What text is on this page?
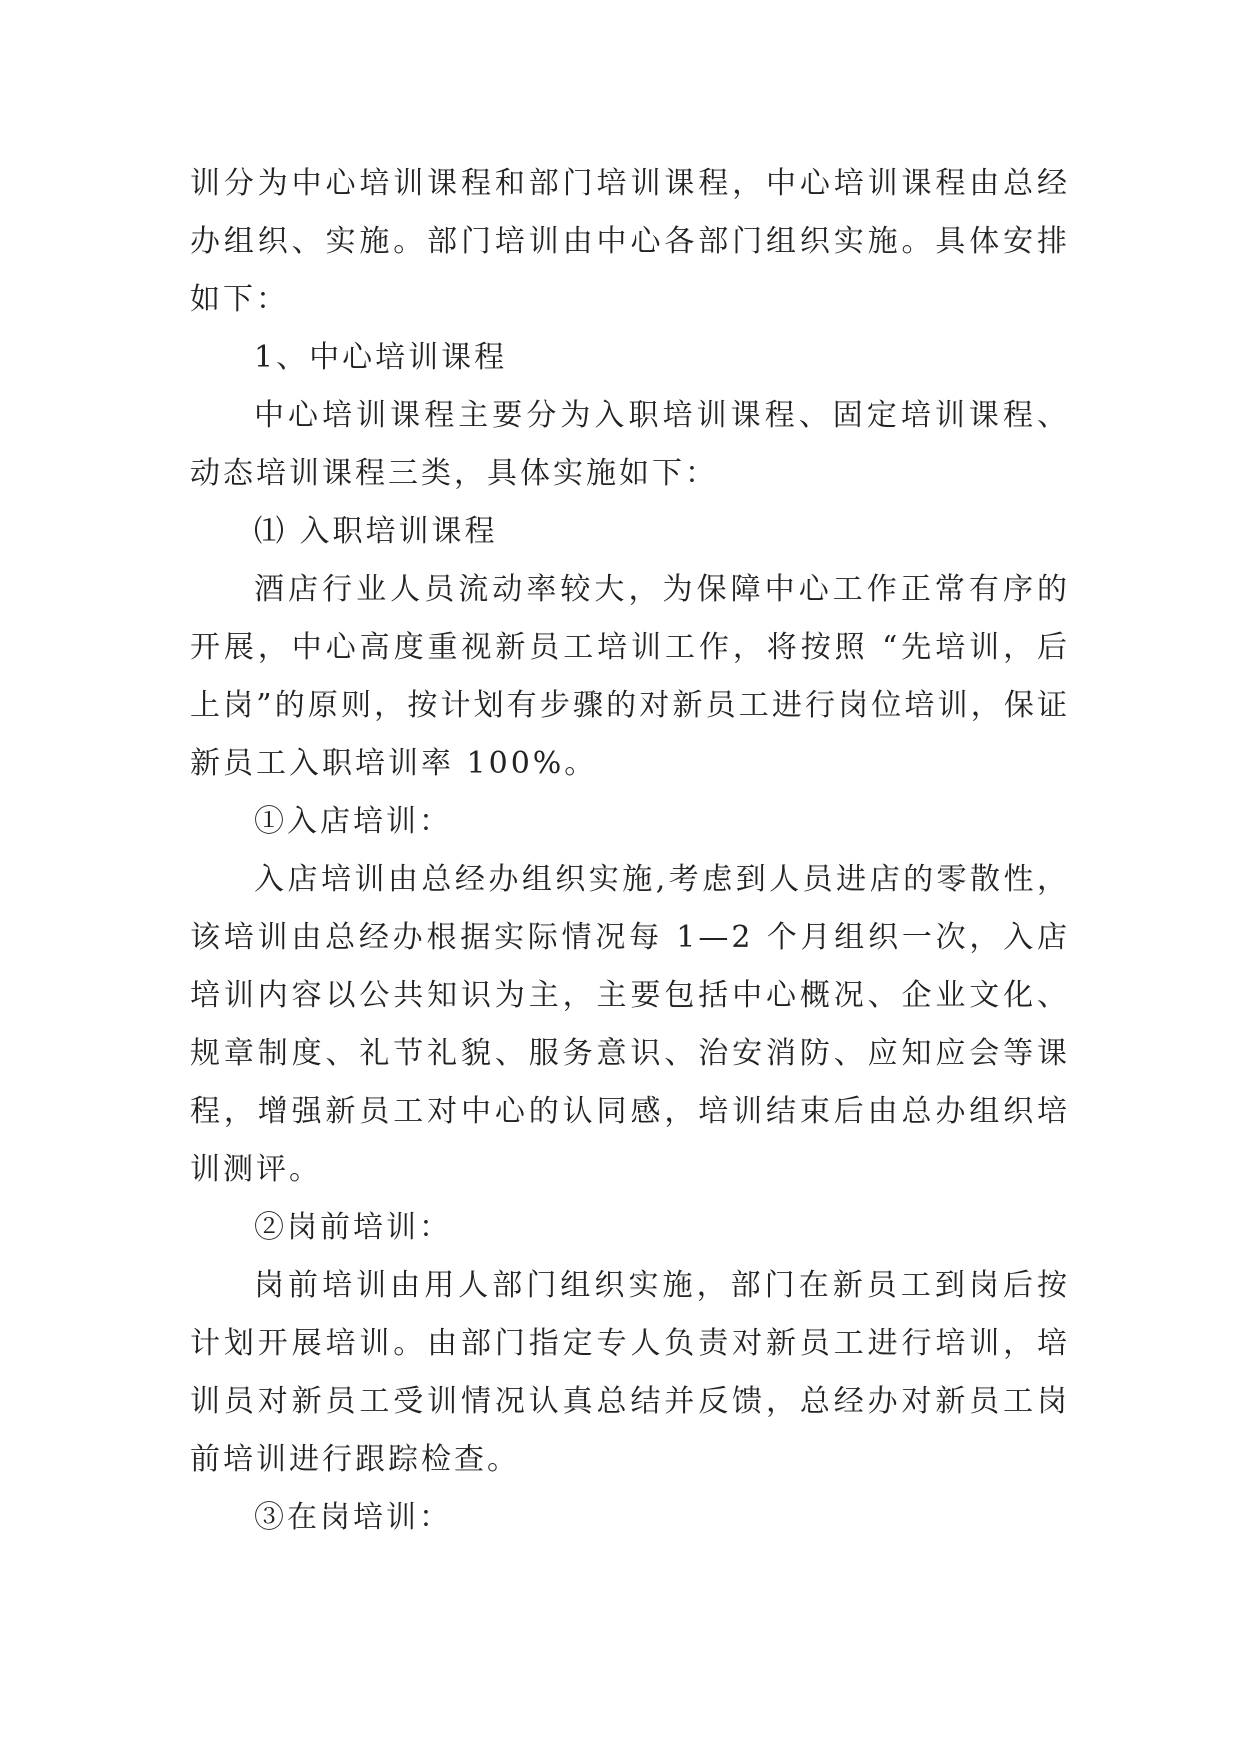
训分为中心培训课程和部门培训课程，中心培训课程由总经办组织、实施。部门培训由中心各部门组织实施。具体安排如下：

1、中心培训课程

中心培训课程主要分为入职培训课程、固定培训课程、动态培训课程三类，具体实施如下：

⑴ 入职培训课程

酒店行业人员流动率较大，为保障中心工作正常有序的开展，中心高度重视新员工培训工作，将按照 “先培训，后上岗”的原则，按计划有步骤的对新员工进行岗位培训，保证新员工入职培训率 100%。

①入店培训：

入店培训由总经办组织实施,考虑到人员进店的零散性，该培训由总经办根据实际情况每 1—2 个月组织一次，入店培训内容以公共知识为主，主要包括中心概况、企业文化、规章制度、礼节礼貌、服务意识、治安消防、应知应会等课程，增强新员工对中心的认同感，培训结束后由总办组织培训测评。

②岗前培训：

岗前培训由用人部门组织实施，部门在新员工到岗后按计划开展培训。由部门指定专人负责对新员工进行培训，培训员对新员工受训情况认真总结并反馈，总经办对新员工岗前培训进行跟踪检查。

③在岗培训：
